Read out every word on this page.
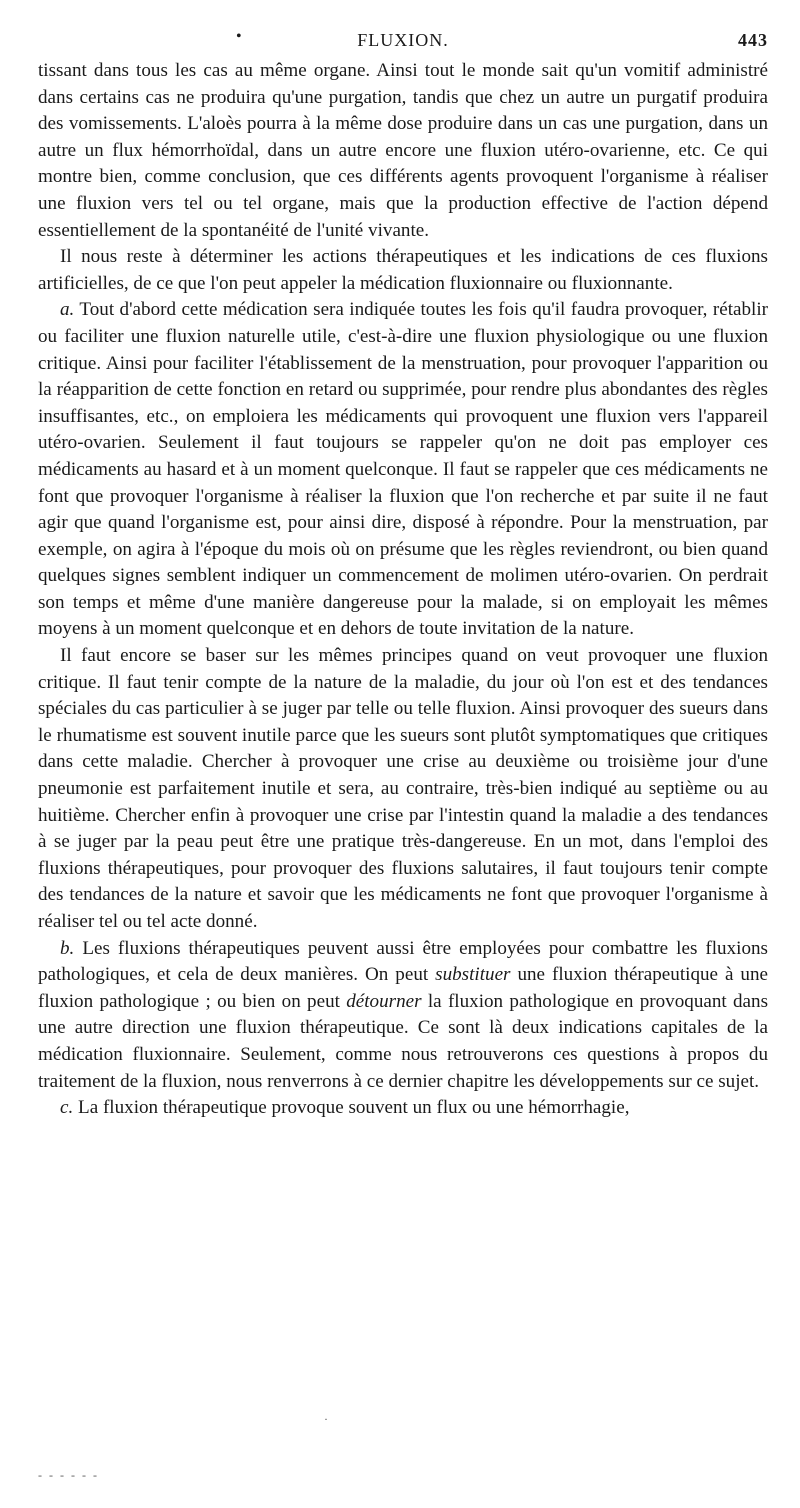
•	FLUXION.	443

tissant dans tous les cas au même organe. Ainsi tout le monde sait qu'un vomitif administré dans certains cas ne produira qu'une purgation, tandis que chez un autre un purgatif produira des vomissements. L'aloès pourra à la même dose produire dans un cas une purgation, dans un autre un flux hémorrhoïdal, dans un autre encore une fluxion utéro-ovarienne, etc. Ce qui montre bien, comme conclusion, que ces différents agents provoquent l'organisme à réaliser une fluxion vers tel ou tel organe, mais que la production effective de l'action dépend essentiellement de la spontanéité de l'unité vivante.

Il nous reste à déterminer les actions thérapeutiques et les indications de ces fluxions artificielles, de ce que l'on peut appeler la médication fluxionnaire ou fluxionnante.

a. Tout d'abord cette médication sera indiquée toutes les fois qu'il faudra provoquer, rétablir ou faciliter une fluxion naturelle utile, c'est-à-dire une fluxion physiologique ou une fluxion critique. Ainsi pour faciliter l'établissement de la menstruation, pour provoquer l'apparition ou la réapparition de cette fonction en retard ou supprimée, pour rendre plus abondantes des règles insuffisantes, etc., on emploiera les médicaments qui provoquent une fluxion vers l'appareil utéro-ovarien. Seulement il faut toujours se rappeler qu'on ne doit pas employer ces médicaments au hasard et à un moment quelconque. Il faut se rappeler que ces médicaments ne font que provoquer l'organisme à réaliser la fluxion que l'on recherche et par suite il ne faut agir que quand l'organisme est, pour ainsi dire, disposé à répondre. Pour la menstruation, par exemple, on agira à l'époque du mois où on présume que les règles reviendront, ou bien quand quelques signes semblent indiquer un commencement de molimen utéro-ovarien. On perdrait son temps et même d'une manière dangereuse pour la malade, si on employait les mêmes moyens à un moment quelconque et en dehors de toute invitation de la nature.

Il faut encore se baser sur les mêmes principes quand on veut provoquer une fluxion critique. Il faut tenir compte de la nature de la maladie, du jour où l'on est et des tendances spéciales du cas particulier à se juger par telle ou telle fluxion. Ainsi provoquer des sueurs dans le rhumatisme est souvent inutile parce que les sueurs sont plutôt symptomatiques que critiques dans cette maladie. Chercher à provoquer une crise au deuxième ou troisième jour d'une pneumonie est parfaitement inutile et sera, au contraire, très-bien indiqué au septième ou au huitième. Chercher enfin à provoquer une crise par l'intestin quand la maladie a des tendances à se juger par la peau peut être une pratique très-dangereuse. En un mot, dans l'emploi des fluxions thérapeutiques, pour provoquer des fluxions salutaires, il faut toujours tenir compte des tendances de la nature et savoir que les médicaments ne font que provoquer l'organisme à réaliser tel ou tel acte donné.

b. Les fluxions thérapeutiques peuvent aussi être employées pour combattre les fluxions pathologiques, et cela de deux manières. On peut substituer une fluxion thérapeutique à une fluxion pathologique ; ou bien on peut détourner la fluxion pathologique en provoquant dans une autre direction une fluxion thérapeutique. Ce sont là deux indications capitales de la médication fluxionnaire. Seulement, comme nous retrouverons ces questions à propos du traitement de la fluxion, nous renverrons à ce dernier chapitre les développements sur ce sujet.

c. La fluxion thérapeutique provoque souvent un flux ou une hémorrhagie,

·
- - - - - -
